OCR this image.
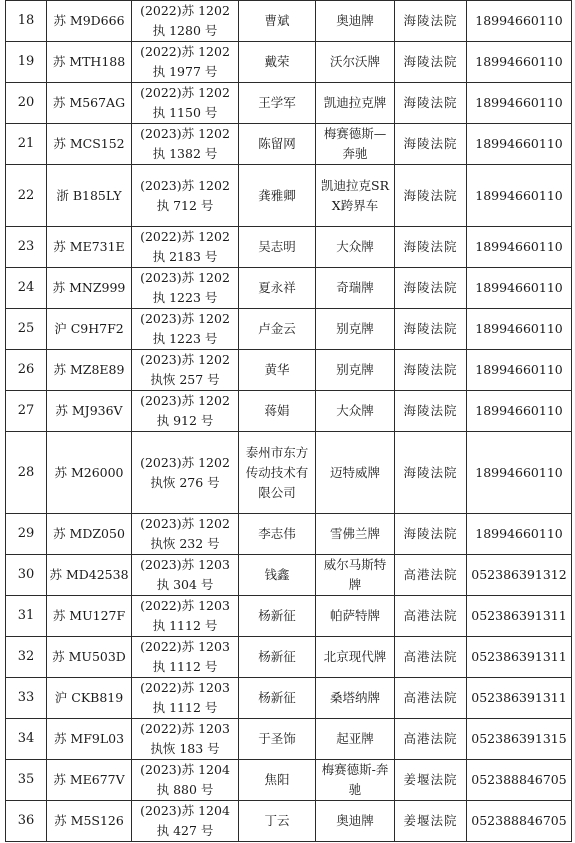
18	苏 M9D666	(2022)苏 1202
执 1280 号	曹斌	奥迪牌	海陵法院	18994660110
19	苏 MTH188	(2022)苏 1202
执 1977 号	戴荣	沃尔沃牌	海陵法院	18994660110
20	苏 M567AG	(2022)苏 1202
执 1150 号	王学军	凯迪拉克牌	海陵法院	18994660110
21	苏 MCS152	(2023)苏 1202
执 1382 号	陈留网	梅赛德斯—奔驰	海陵法院	18994660110
22	浙 B185LY	(2023)苏 1202
执 712 号	龚雅卿	凯迪拉克SRX跨界车	海陵法院	18994660110
23	苏 ME731E	(2022)苏 1202
执 2183 号	吴志明	大众牌	海陵法院	18994660110
24	苏 MNZ999	(2023)苏 1202
执 1223 号	夏永祥	奇瑞牌	海陵法院	18994660110
25	沪 C9H7F2	(2023)苏 1202
执 1223 号	卢金云	别克牌	海陵法院	18994660110
26	苏 MZ8E89	(2023)苏 1202
执恢 257 号	黄华	别克牌	海陵法院	18994660110
27	苏 MJ936V	(2023)苏 1202
执 912 号	蒋娟	大众牌	海陵法院	18994660110
28	苏 M26000	(2023)苏 1202
执恢 276 号	泰州市东方传动技术有限公司	迈特威牌	海陵法院	18994660110
29	苏 MDZ050	(2023)苏 1202
执恢 232 号	李志伟	雪佛兰牌	海陵法院	18994660110
30	苏 MD42538	(2023)苏 1203
执 304 号	钱鑫	威尔马斯特牌	高港法院	052386391312
31	苏 MU127F	(2022)苏 1203
执 1112 号	杨新征	帕萨特牌	高港法院	052386391311
32	苏 MU503D	(2022)苏 1203
执 1112 号	杨新征	北京现代牌	高港法院	052386391311
33	沪 CKB819	(2022)苏 1203
执 1112 号	杨新征	桑塔纳牌	高港法院	052386391311
34	苏 MF9L03	(2022)苏 1203
执恢 183 号	于圣饰	起亚牌	高港法院	052386391315
35	苏 ME677V	(2023)苏 1204
执 880 号	焦阳	梅赛德斯-奔驰	姜堰法院	052388846705
36	苏 M5S126	(2023)苏 1204
执 427 号	丁云	奥迪牌	姜堰法院	052388846705
